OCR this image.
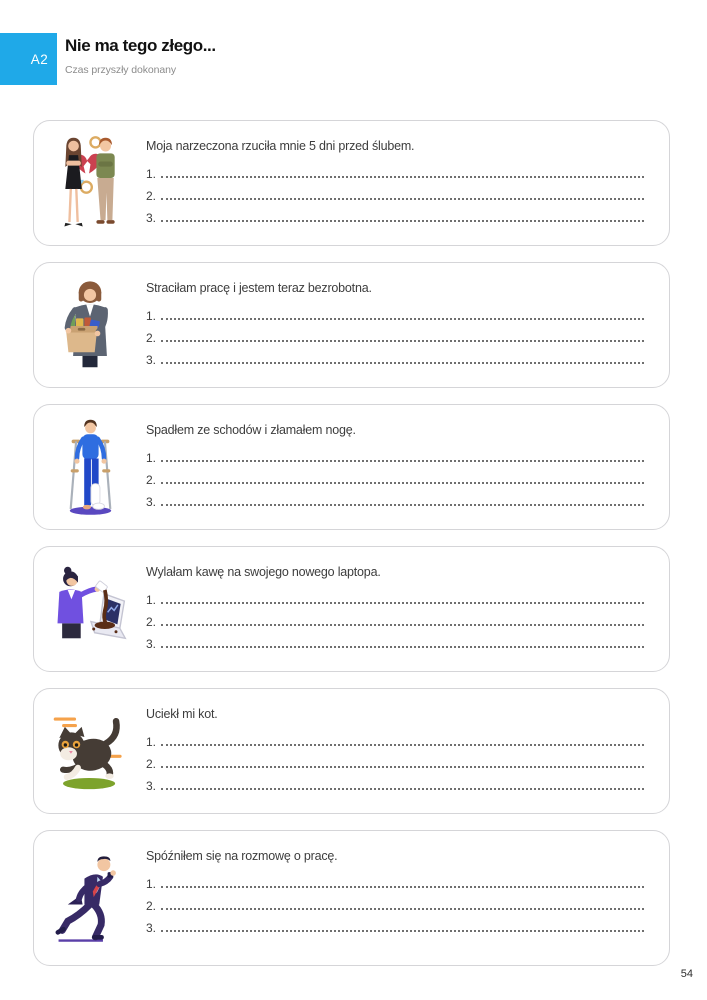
A2
Nie ma tego złego...
Czas przyszły dokonany

Moja narzeczona rzuciła mnie 5 dni przed ślubem.

1.
2.
3.

Straciłam pracę i jestem teraz bezrobotna.

1.
2.
3.

Spadłem ze schodów i złamałem nogę.

1.
2.
3.

Wylałam kawę na swojego nowego laptopa.

1.
2.
3.

Uciekł mi kot.

1.
2.
3.

Spóźniłem się na rozmowę o pracę.

1.
2.
3.
54
